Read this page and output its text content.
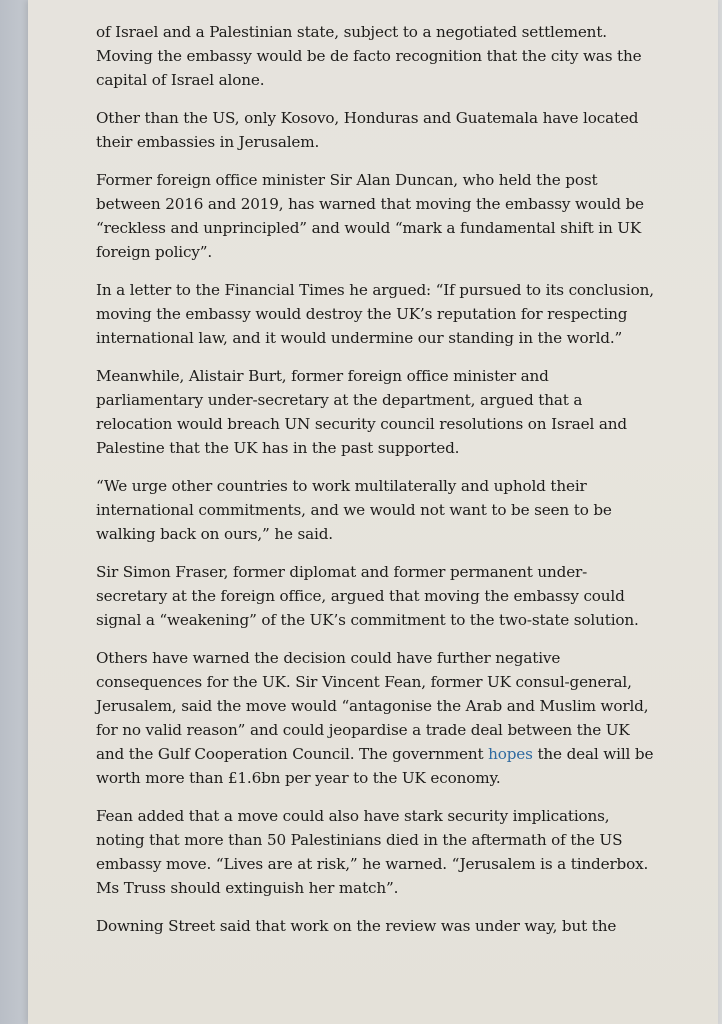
of Israel and a Palestinian state, subject to a negotiated settlement. Moving the embassy would be de facto recognition that the city was the capital of Israel alone.

Other than the US, only Kosovo, Honduras and Guatemala have located their embassies in Jerusalem.

Former foreign office minister Sir Alan Duncan, who held the post between 2016 and 2019, has warned that moving the embassy would be “reckless and unprincipled” and would “mark a fundamental shift in UK foreign policy”.

In a letter to the Financial Times he argued: “If pursued to its conclusion, moving the embassy would destroy the UK’s reputation for respecting international law, and it would undermine our standing in the world.”

Meanwhile, Alistair Burt, former foreign office minister and parliamentary under-secretary at the department, argued that a relocation would breach UN security council resolutions on Israel and Palestine that the UK has in the past supported.

“We urge other countries to work multilaterally and uphold their international commitments, and we would not want to be seen to be walking back on ours,” he said.

Sir Simon Fraser, former diplomat and former permanent under-secretary at the foreign office, argued that moving the embassy could signal a “weakening” of the UK’s commitment to the two-state solution.

Others have warned the decision could have further negative consequences for the UK. Sir Vincent Fean, former UK consul-general, Jerusalem, said the move would “antagonise the Arab and Muslim world, for no valid reason” and could jeopardise a trade deal between the UK and the Gulf Cooperation Council. The government hopes the deal will be worth more than £1.6bn per year to the UK economy.

Fean added that a move could also have stark security implications, noting that more than 50 Palestinians died in the aftermath of the US embassy move. “Lives are at risk,” he warned. “Jerusalem is a tinderbox. Ms Truss should extinguish her match”.

Downing Street said that work on the review was under way, but the
